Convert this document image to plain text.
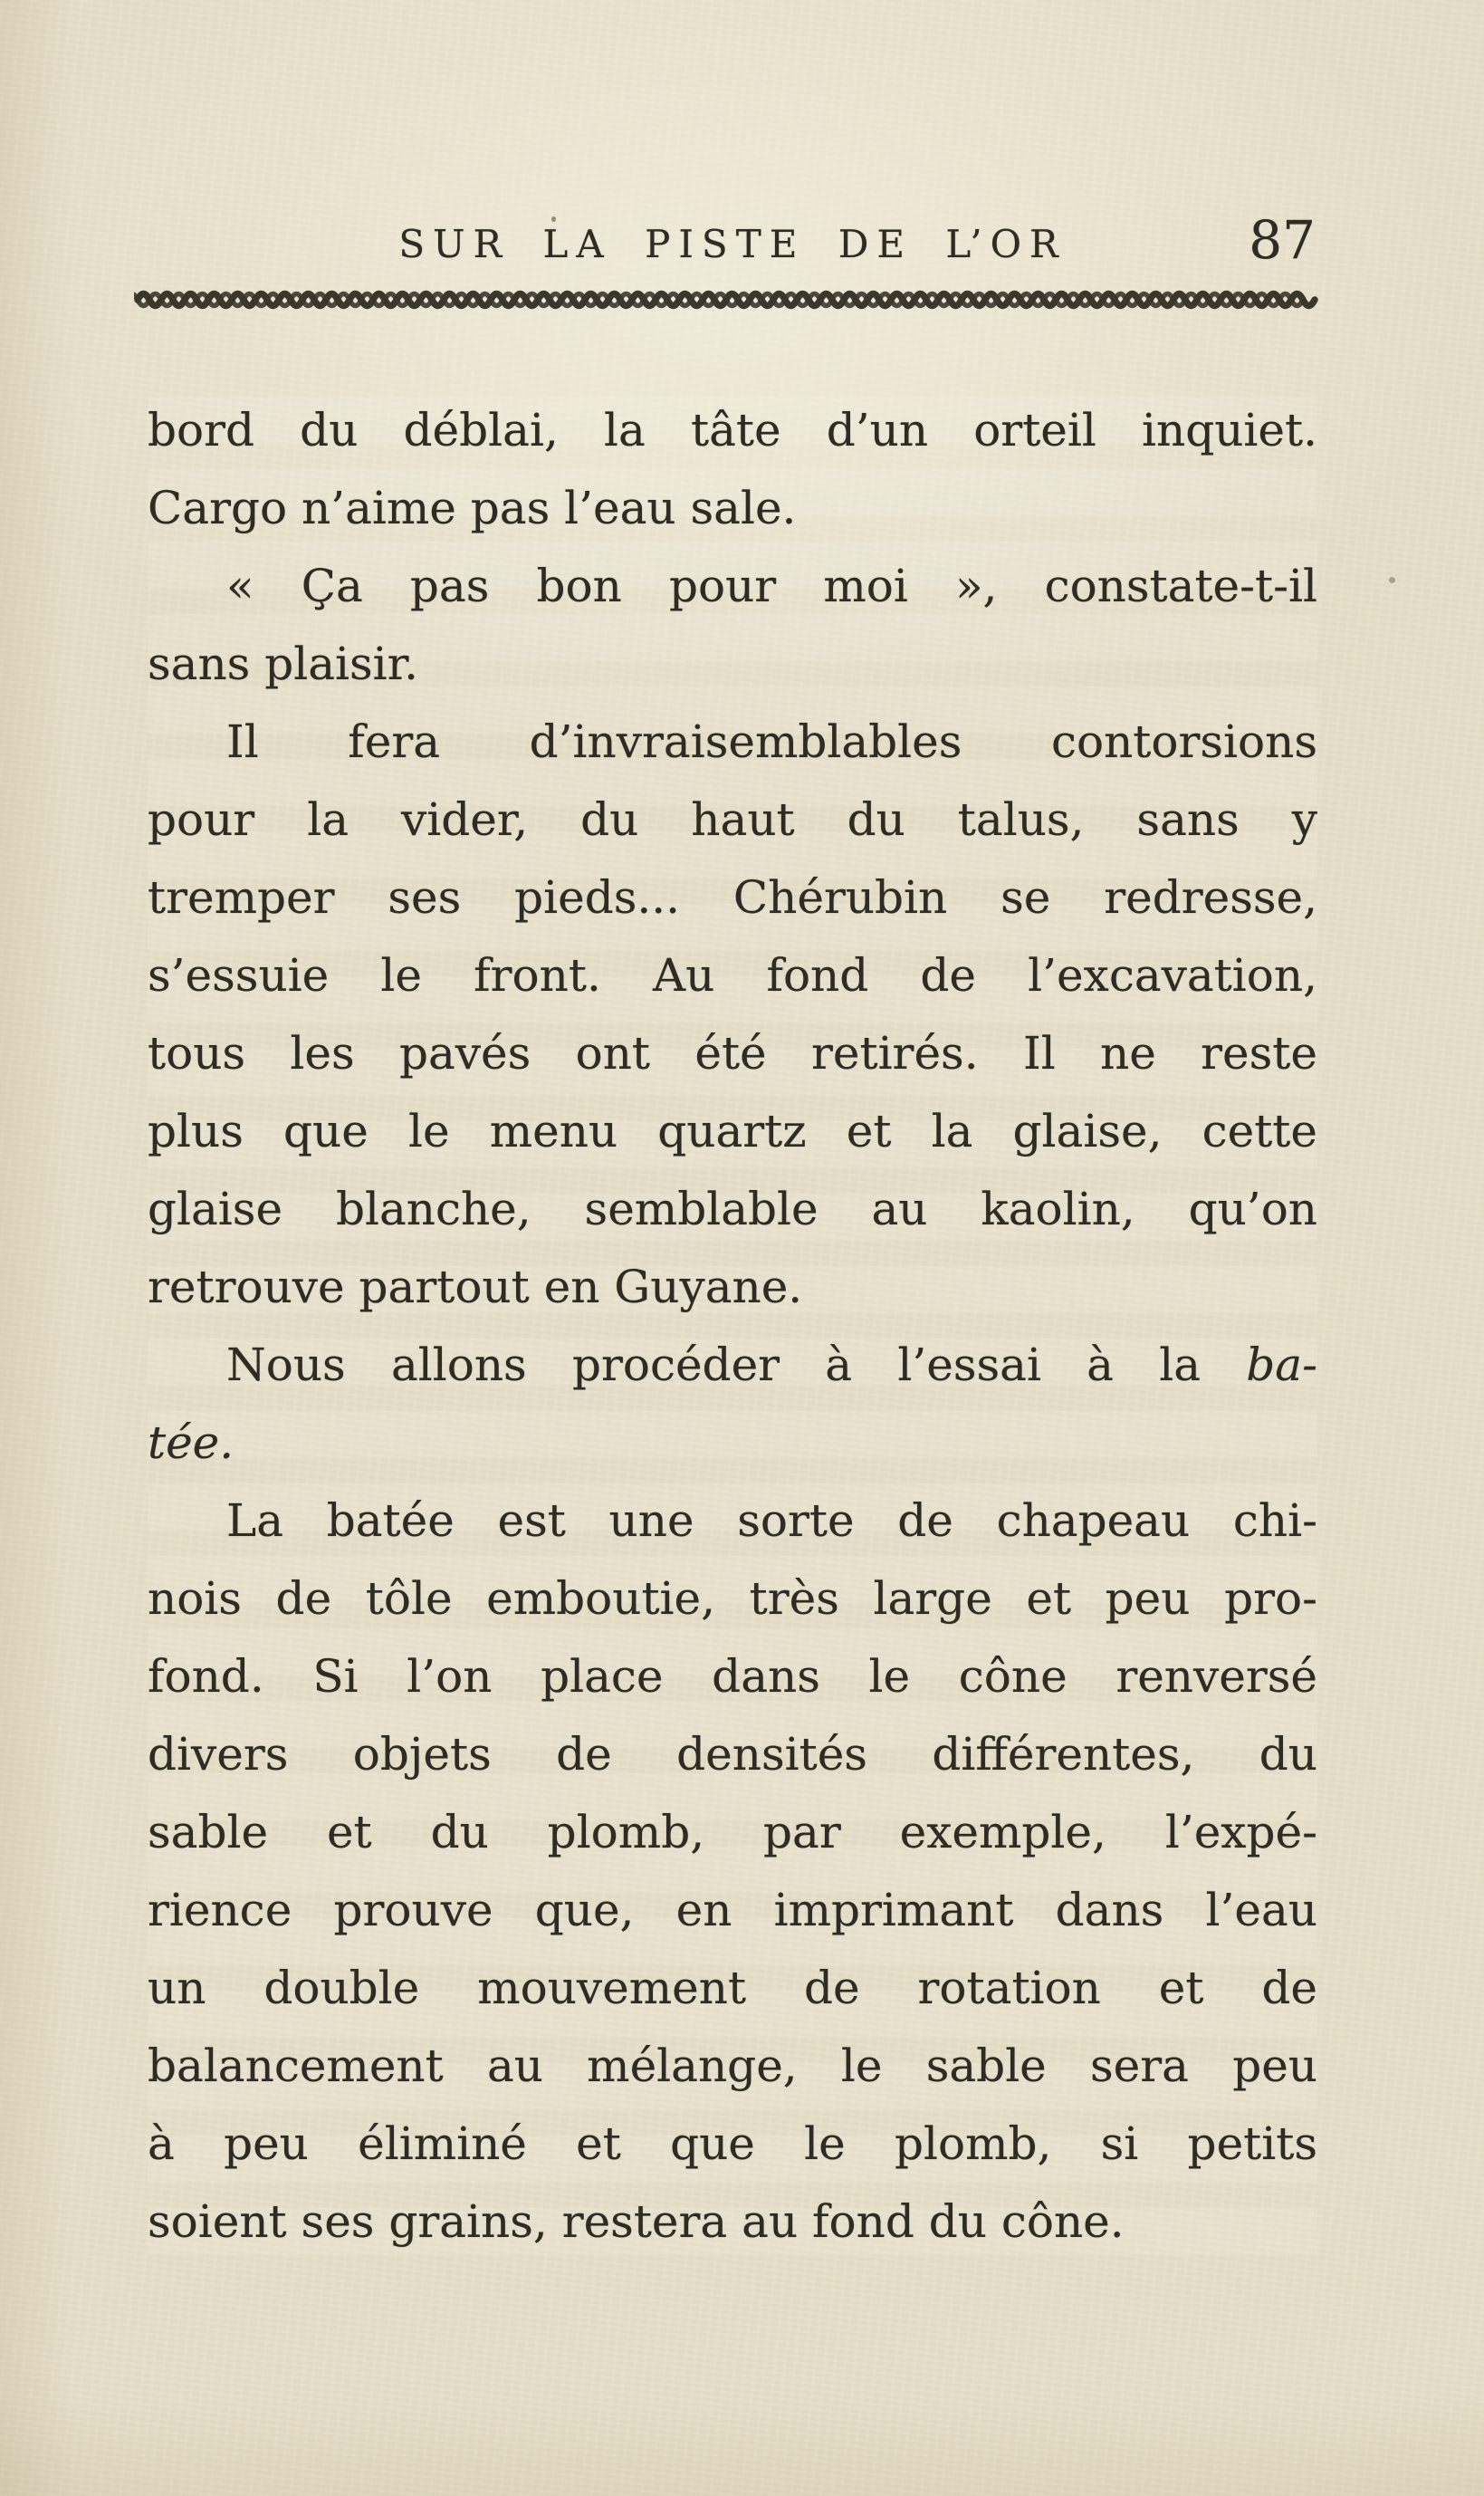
SUR LA PISTE DE L’OR	87
bord du déblai, la tâte d’un orteil inquiet.
Cargo n’aime pas l’eau sale.
« Ça pas bon pour moi », constate-t-il
sans plaisir.
Il fera d’invraisemblables contorsions
pour la vider, du haut du talus, sans y
tremper ses pieds... Chérubin se redresse,
s’essuie le front. Au fond de l’excavation,
tous les pavés ont été retirés. Il ne reste
plus que le menu quartz et la glaise, cette
glaise blanche, semblable au kaolin, qu’on
retrouve partout en Guyane.
Nous allons procéder à l’essai à la ba-
tée.
La batée est une sorte de chapeau chi-
nois de tôle emboutie, très large et peu pro-
fond. Si l’on place dans le cône renversé
divers objets de densités différentes, du
sable et du plomb, par exemple, l’expé-
rience prouve que, en imprimant dans l’eau
un double mouvement de rotation et de
balancement au mélange, le sable sera peu
à peu éliminé et que le plomb, si petits
soient ses grains, restera au fond du cône.
